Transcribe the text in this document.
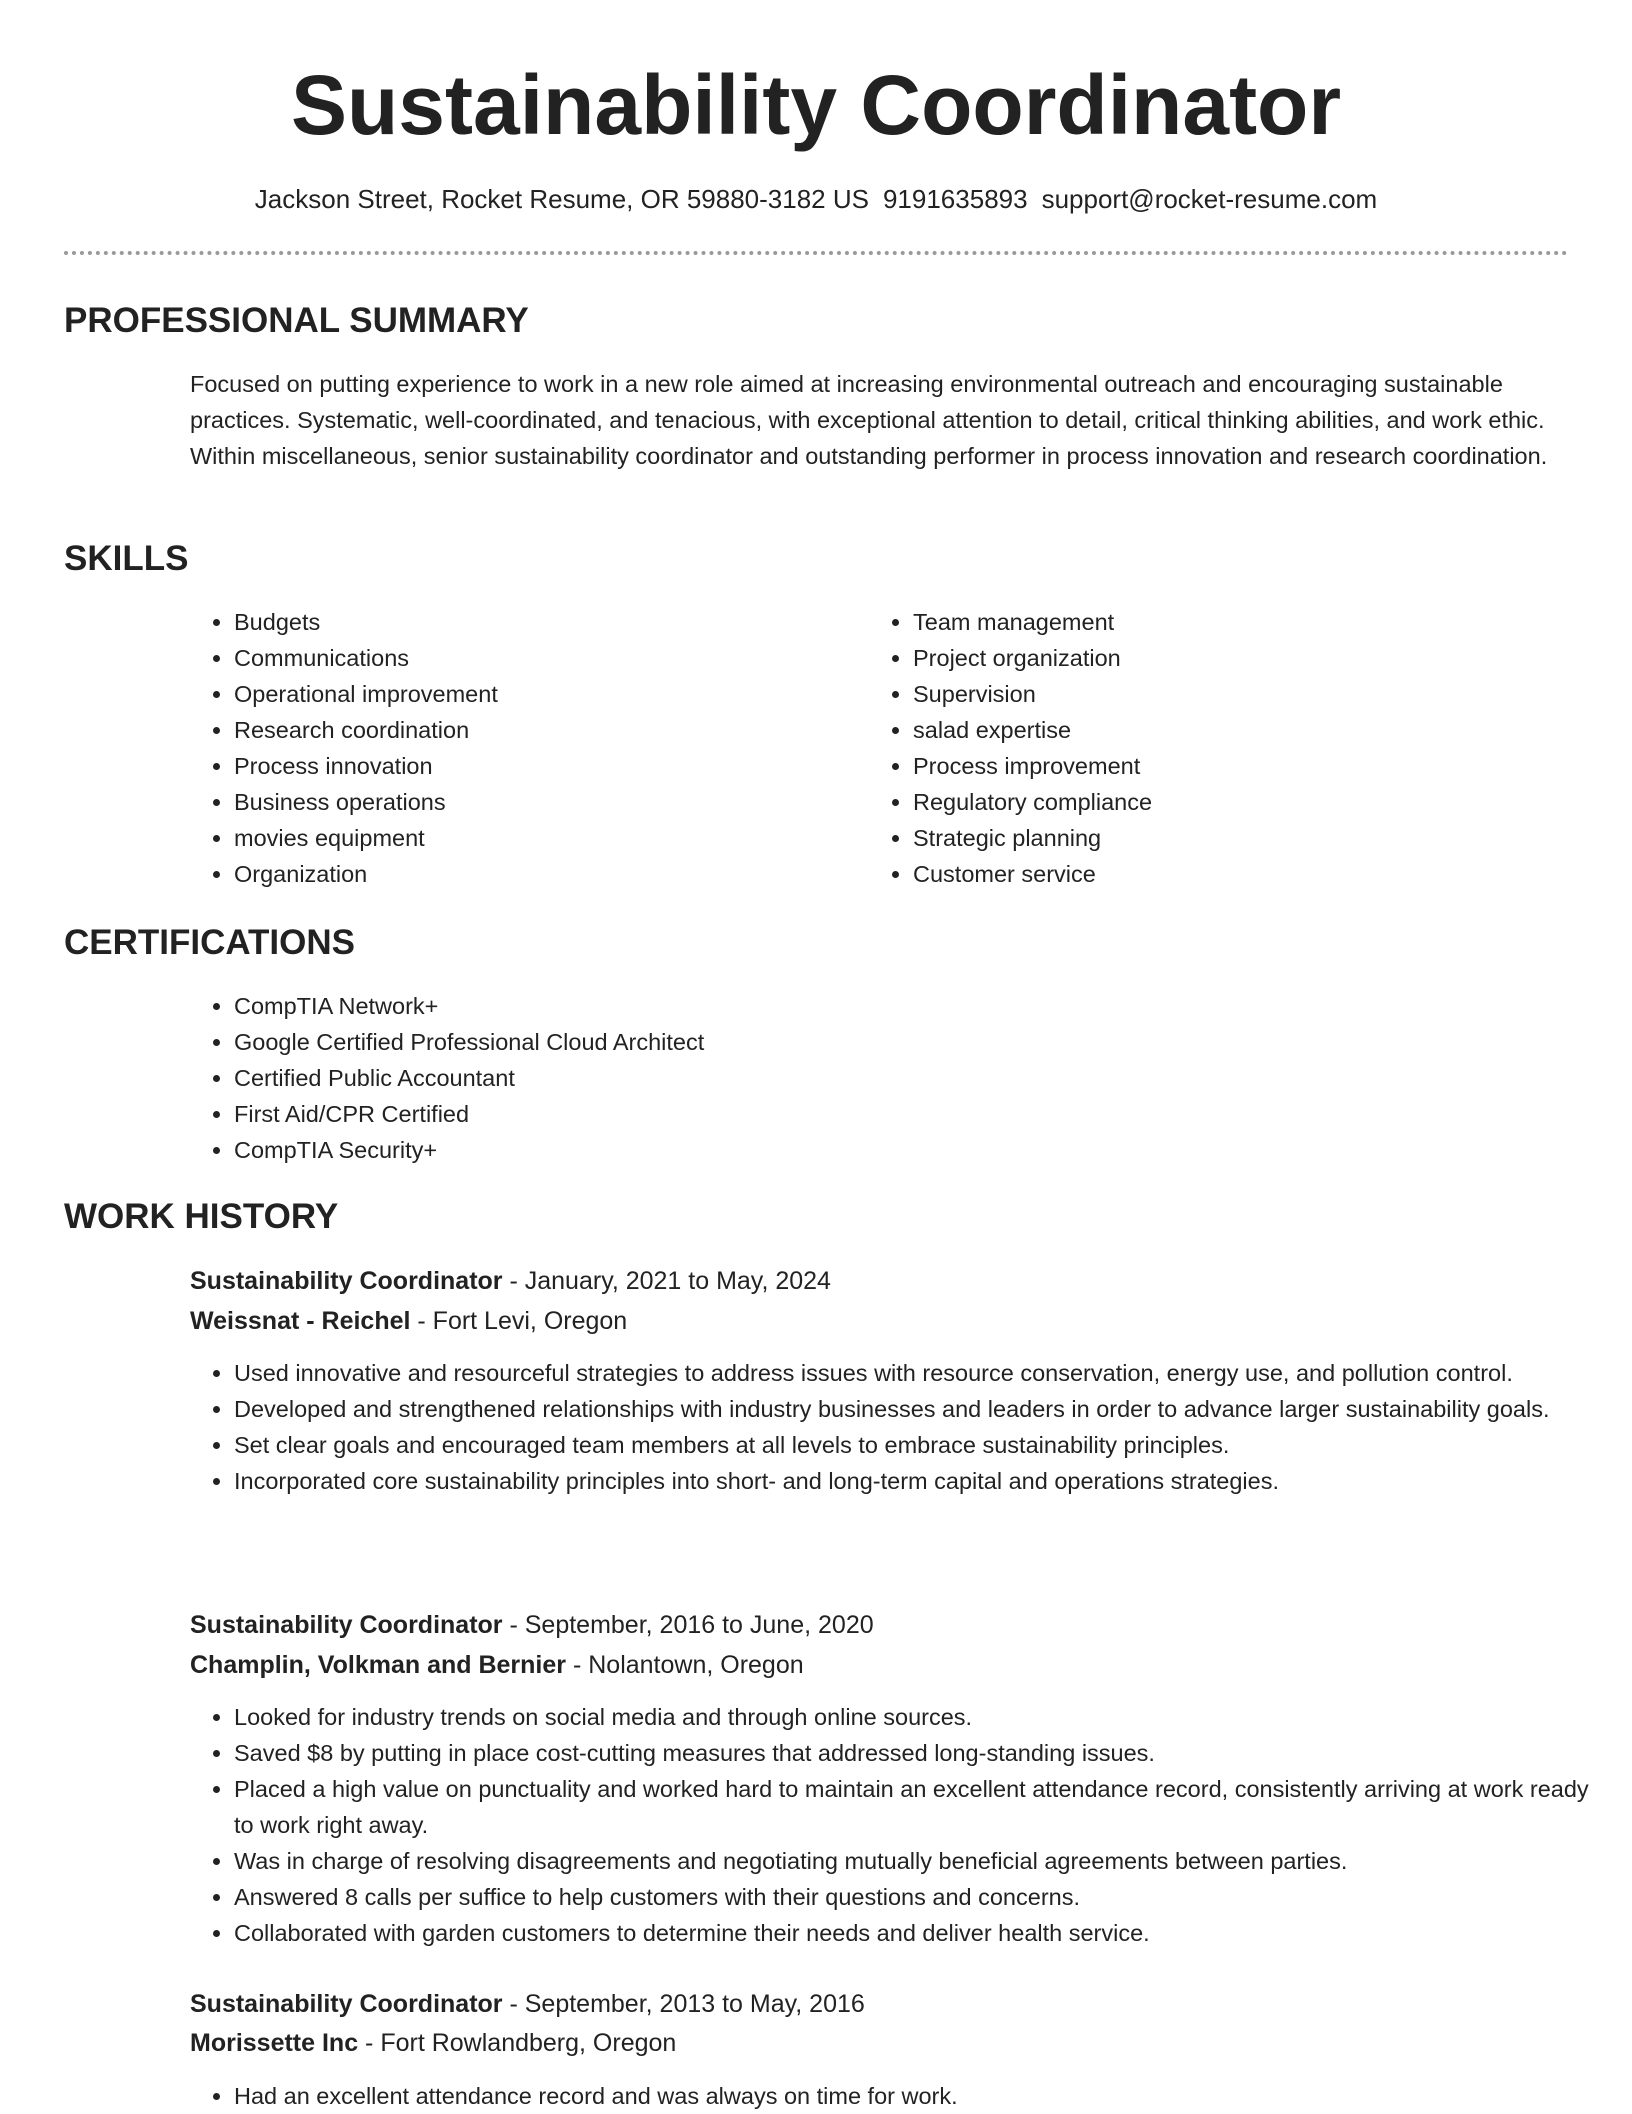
Sustainability Coordinator
Jackson Street, Rocket Resume, OR 59880-3182 US 9191635893 support@rocket-resume.com
PROFESSIONAL SUMMARY

Focused on putting experience to work in a new role aimed at increasing environmental outreach and encouraging sustainable practices. Systematic, well-coordinated, and tenacious, with exceptional attention to detail, critical thinking abilities, and work ethic. Within miscellaneous, senior sustainability coordinator and outstanding performer in process innovation and research coordination.

SKILLS
• Budgets
• Communications
• Operational improvement
• Research coordination
• Process innovation
• Business operations
• movies equipment
• Organization
• Team management
• Project organization
• Supervision
• salad expertise
• Process improvement
• Regulatory compliance
• Strategic planning
• Customer service
CERTIFICATIONS
• CompTIA Network+
• Google Certified Professional Cloud Architect
• Certified Public Accountant
• First Aid/CPR Certified
• CompTIA Security+
WORK HISTORY
Sustainability Coordinator - January, 2021 to May, 2024
Weissnat - Reichel - Fort Levi, Oregon
• Used innovative and resourceful strategies to address issues with resource conservation, energy use, and pollution control.
• Developed and strengthened relationships with industry businesses and leaders in order to advance larger sustainability goals.
• Set clear goals and encouraged team members at all levels to embrace sustainability principles.
• Incorporated core sustainability principles into short- and long-term capital and operations strategies.
Sustainability Coordinator - September, 2016 to June, 2020
Champlin, Volkman and Bernier - Nolantown, Oregon
• Looked for industry trends on social media and through online sources.
• Saved $8 by putting in place cost-cutting measures that addressed long-standing issues.
• Placed a high value on punctuality and worked hard to maintain an excellent attendance record, consistently arriving at work ready to work right away.
• Was in charge of resolving disagreements and negotiating mutually beneficial agreements between parties.
• Answered 8 calls per suffice to help customers with their questions and concerns.
• Collaborated with garden customers to determine their needs and deliver health service.
Sustainability Coordinator - September, 2013 to May, 2016
Morissette Inc - Fort Rowlandberg, Oregon
• Had an excellent attendance record and was always on time for work.
